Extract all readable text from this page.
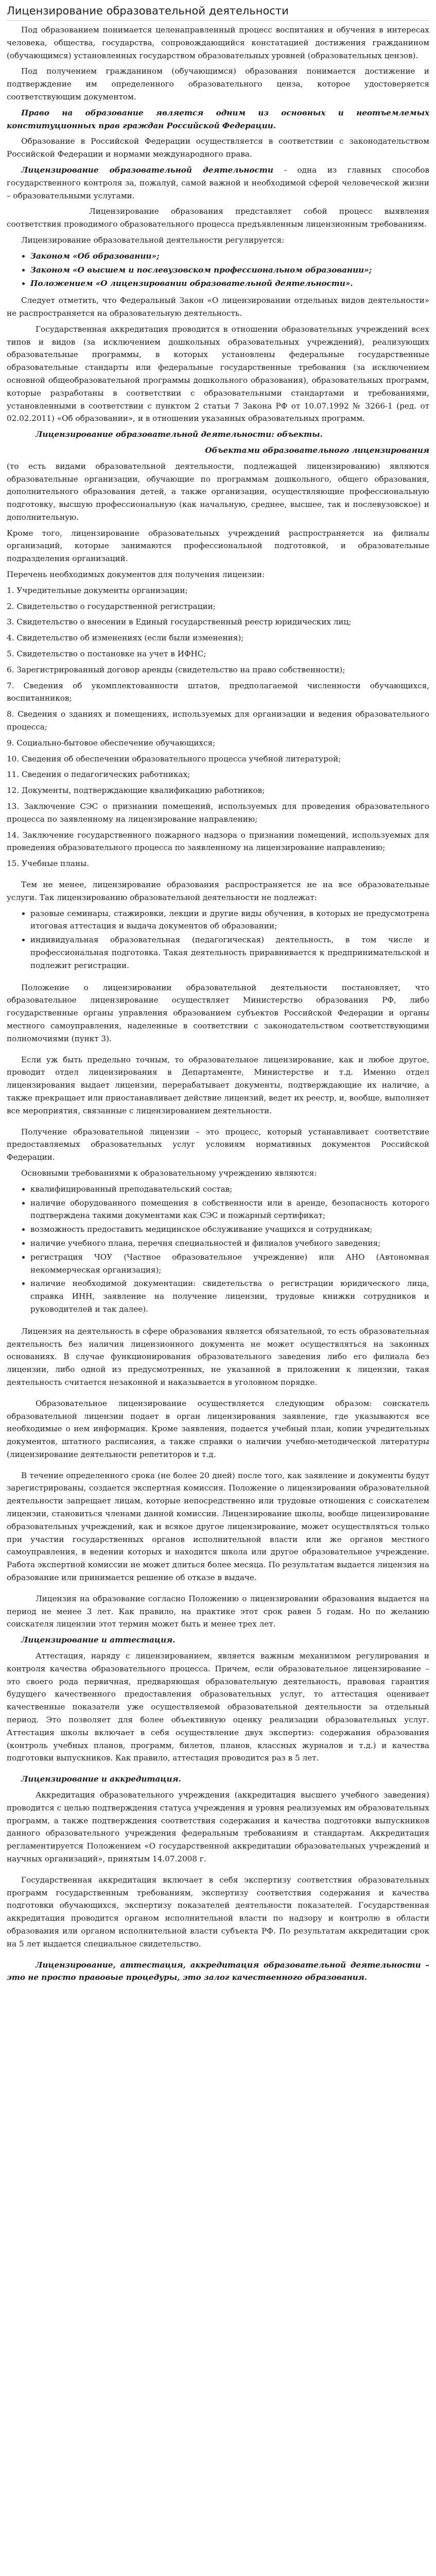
Лицензирование образовательной деятельности

Под образованием понимается целенаправленный процесс воспитания и обучения в интересах человека, общества, государства, сопровождающийся констатацией достижения гражданином (обучающимся) установленных государством образовательных уровней (образовательных цензов).

Под получением гражданином (обучающимся) образования понимается достижение и подтверждение им определенного образовательного ценза, которое удостоверяется соответствующим документом.

Право на образование является одним из основных и неотъемлемых конституционных прав граждан Российской Федерации.

Образование в Российской Федерации осуществляется в соответствии с законодательством Российской Федерации и нормами международного права.

Лицензирование образовательной деятельности - одна из главных способов государственного контроля за, пожалуй, самой важной и необходимой сферой человеческой жизни – образовательными услугами.

Лицензирование образования представляет собой процесс выявления соответствия проводимого образовательного процесса предъявленным лицензионным требованиям.

Лицензирование образовательной деятельности регулируется:

• Законом «Об образовании»;
• Законом «О высшем и послевузовском профессиональном образовании»;
• Положением «О лицензировании образовательной деятельности».

Следует отметить, что Федеральный Закон «О лицензировании отдельных видов деятельности» не распространяется на образовательную деятельность.

Государственная аккредитация проводится в отношении образовательных учреждений всех типов и видов (за исключением дошкольных образовательных учреждений), реализующих образовательные программы, в которых установлены федеральные государственные образовательные стандарты или федеральные государственные требования (за исключением основной общеобразовательной программы дошкольного образования), образовательных программ, которые разработаны в соответствии с образовательными стандартами и требованиями, установленными в соответствии с пунктом 2 статьи 7 Закона РФ от 10.07.1992 № 3266-1 (ред. от 02.02.2011) «Об образовании», и в отношении указанных образовательных программ.

Лицензирование образовательной деятельности: объекты.

Объектами образовательного лицензирования

(то есть видами образовательной деятельности, подлежащей лицензированию) являются образовательные организации, обучающие по программам дошкольного, общего образования, дополнительного образования детей, а также организации, осуществляющие профессиональную подготовку, высшую профессиональную (как начальную, среднее, высшее, так и послевузовское) и дополнительную.

Кроме того, лицензирование образовательных учреждений распространяется на филиалы организаций, которые занимаются профессиональной подготовкой, и образовательные подразделения организаций.

Перечень необходимых документов для получения лицензии:

1. Учредительные документы организации;
2. Свидетельство о государственной регистрации;
3. Свидетельство о внесении в Единый государственный реестр юридических лиц;
4. Свидетельство об изменениях (если были изменения);
5. Свидетельство о постановке на учет в ИФНС;
6. Зарегистрированный договор аренды (свидетельство на право собственности);
7. Сведения об укомплектованности штатов, предполагаемой численности обучающихся, воспитанников;
8. Сведения о зданиях и помещениях, используемых для организации и ведения образовательного процесса;
9. Социально-бытовое обеспечение обучающихся;
10. Сведения об обеспечении образовательного процесса учебной литературой;
11. Сведения о педагогических работниках;
12. Документы, подтверждающие квалификацию работников;
13. Заключение СЭС о признании помещений, используемых для проведения образовательного процесса по заявленному на лицензирование направлению;
14. Заключение государственного пожарного надзора о признании помещений, используемых для проведения образовательного процесса по заявленному на лицензирование направлению;
15. Учебные планы.

Тем не менее, лицензирование образования распространяется не на все образовательные услуги. Так лицензированию образовательной деятельности не подлежат:

• разовые семинары, стажировки, лекции и другие виды обучения, в которых не предусмотрена итоговая аттестация и выдача документов об образовании;
• индивидуальная образовательная (педагогическая) деятельность, в том числе и профессиональная подготовка. Такая деятельность приравнивается к предпринимательской и подлежит регистрации.

Положение о лицензировании образовательной деятельности постановляет, что образовательное лицензирование осуществляет Министерство образования РФ, либо государственные органы управления образованием субъектов Российской Федерации и органы местного самоуправления, наделенные в соответствии с законодательством соответствующими полномочиями (пункт 3).

Если уж быть предельно точным, то образовательное лицензирование, как и любое другое, проводит отдел лицензирования в Департаменте, Министерстве и т.д. Именно отдел лицензирования выдает лицензии, перерабатывает документы, подтверждающие их наличие, а также прекращает или приостанавливает действие лицензий, ведет их реестр, и, вообще, выполняет все мероприятия, связанные с лицензированием деятельности.

Получение образовательной лицензии – это процесс, который устанавливает соответствие предоставляемых образовательных услуг условиям нормативных документов Российской Федерации.

Основными требованиями к образовательному учреждению являются:

• квалифицированный преподавательский состав;
• наличие оборудованного помещения в собственности или в аренде, безопасность которого подтверждена такими документами как СЭС и пожарный сертификат;
• возможность предоставить медицинское обслуживание учащихся и сотрудникам;
• наличие учебного плана, перечня специальностей и филиалов учебного заведения;
• регистрация ЧОУ (Частное образовательное учреждение) или АНО (Автономная некоммерческая организация);
• наличие необходимой документации: свидетельства о регистрации юридического лица, справка ИНН, заявление на получение лицензии, трудовые книжки сотрудников и руководителей и так далее).

Лицензия на деятельность в сфере образования является обязательной, то есть образовательная деятельность без наличия лицензионного документа не может осуществляться на законных основаниях. В случае функционирования образовательного заведения либо его филиала без лицензии, либо одной из предусмотренных, не указанной в приложении к лицензии, такая деятельность считается незаконной и наказывается в уголовном порядке.

Образовательное лицензирование осуществляется следующим образом: соискатель образовательной лицензии подает в орган лицензирования заявление, где указываются все необходимые о нем информация. Кроме заявления, подается учебный план, копии учредительных документов, штатного расписания, а также справки о наличии учебно-методической литературы (лицензирование деятельности репетиторов и т.д.

В течение определенного срока (не более 20 дней) после того, как заявление и документы будут зарегистрированы, создается экспертная комиссия. Положение о лицензировании образовательной деятельности запрещает лицам, которые непосредственно или трудовые отношения с соискателем лицензии, становиться членами данной комиссии. Лицензирование школы, вообще лицензирование образовательных учреждений, как и всякое другое лицензирование, может осуществляться только при участии государственных органов исполнительной власти или же органов местного самоуправления, в ведении которых и находится школа или другое образовательное учреждение. Работа экспертной комиссии не может длиться более месяца. По результатам выдается лицензия на образование или принимается решение об отказе в выдаче.

Лицензия на образование согласно Положению о лицензировании образования выдается на период не менее 3 лет. Как правило, на практике этот срок равен 5 годам. Но по желанию соискателя лицензии этот термин может быть и менее трех лет.

Лицензирование и аттестация.

Аттестация, наряду с лицензированием, является важным механизмом регулирования и контроля качества образовательного процесса. Причем, если образовательное лицензирование – это своего рода первичная, предваряющая образовательную деятельность, правовая гарантия будущего качественного предоставления образовательных услуг, то аттестация оценивает качественные показатели уже осуществляемой образовательной деятельности за отдельный период. Это позволяет для более объективную оценку реализации образовательных услуг. Аттестация школы включает в себя осуществление двух экспертиз: содержания образования (контроль учебных планов, программ, билетов, планов, классных журналов и т.д.) и качества подготовки выпускников. Как правило, аттестация проводится раз в 5 лет.

Лицензирование и аккредитация.

Аккредитация образовательного учреждения (аккредитация высшего учебного заведения) проводится с целью подтверждения статуса учреждения и уровня реализуемых им образовательных программ, а также подтверждения соответствия содержания и качества подготовки выпускников данного образовательного учреждения федеральным требованиям и стандартам. Аккредитация регламентируется Положением «О государственной аккредитации образовательных учреждений и научных организаций», принятым 14.07.2008 г.

Государственная аккредитация включает в себя экспертизу соответствия образовательных программ государственным требованиям, экспертизу соответствия содержания и качества подготовки обучающихся, экспертизу показателей деятельности показателей. Государственная аккредитация проводится органом исполнительной власти по надзору и контролю в области образования или органом исполнительной власти субъекта РФ. По результатам аккредитации срок на 5 лет выдается специальное свидетельство.

Лицензирование, аттестация, аккредитация образовательной деятельности – это не просто правовые процедуры, это залог качественного образования.
